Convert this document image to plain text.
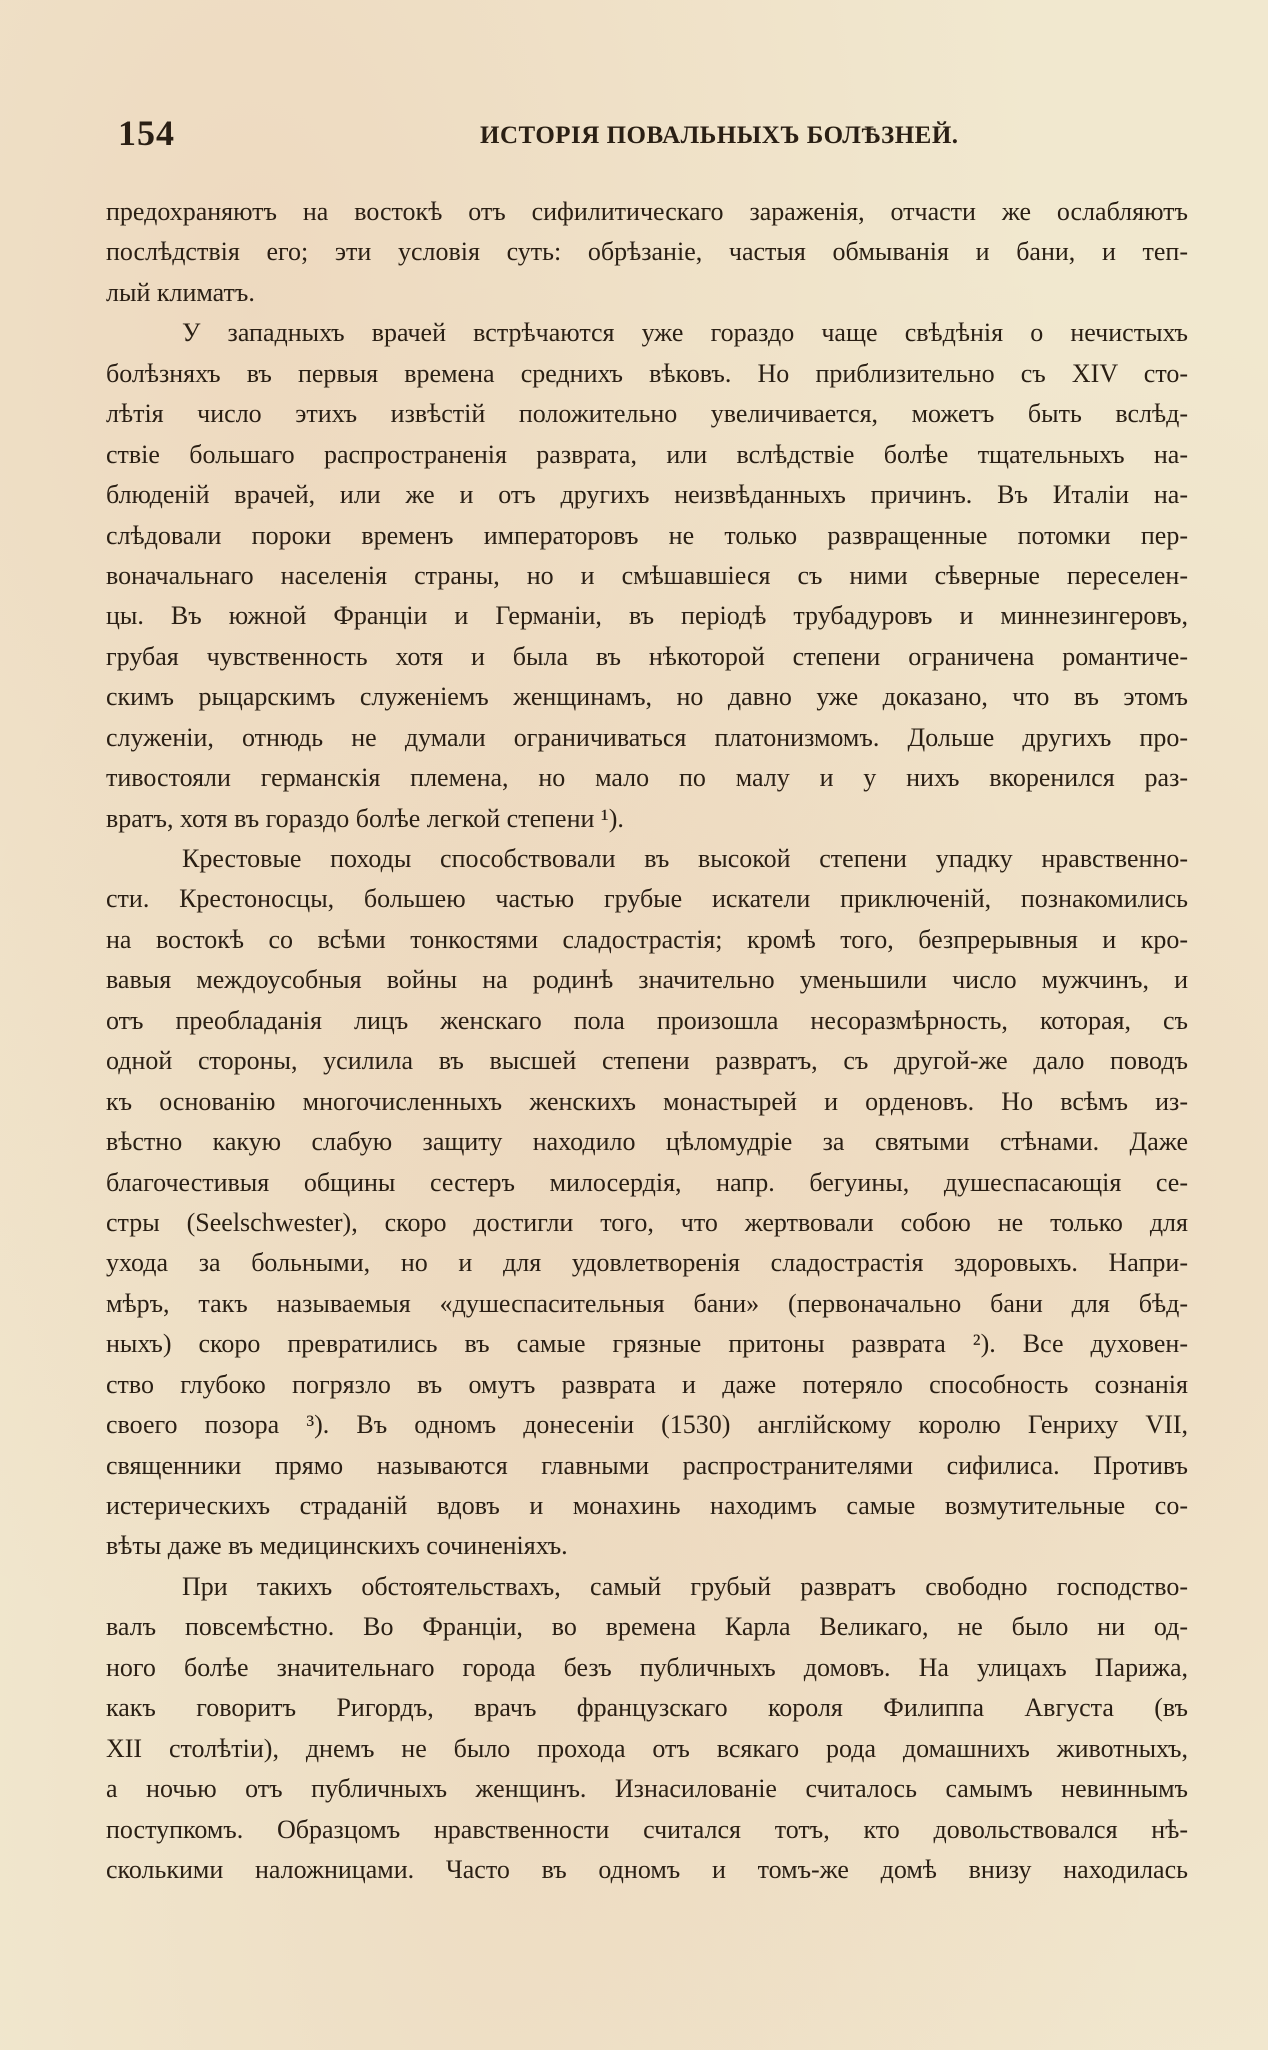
154	ИСТОРІЯ ПОВАЛЬНЫХЪ БОЛѢЗНЕЙ.
предохраняютъ на востокѣ отъ сифилитическаго зараженія, отчасти же ослабляютъ
послѣдствія его; эти условія суть: обрѣзаніе, частыя обмыванія и бани, и теп-
лый климатъ.
У западныхъ врачей встрѣчаются уже гораздо чаще свѣдѣнія о нечистыхъ
болѣзняхъ въ первыя времена среднихъ вѣковъ. Но приблизительно съ XIV сто-
лѣтія число этихъ извѣстій положительно увеличивается, можетъ быть вслѣд-
ствіе большаго распространенія разврата, или вслѣдствіе болѣе тщательныхъ на-
блюденій врачей, или же и отъ другихъ неизвѣданныхъ причинъ. Въ Италіи на-
слѣдовали пороки временъ императоровъ не только развращенные потомки пер-
воначальнаго населенія страны, но и смѣшавшіеся съ ними сѣверные переселен-
цы. Въ южной Франціи и Германіи, въ періодѣ трубадуровъ и миннезингеровъ,
грубая чувственность хотя и была въ нѣкоторой степени ограничена романтиче-
скимъ рыцарскимъ служеніемъ женщинамъ, но давно уже доказано, что въ этомъ
служеніи, отнюдь не думали ограничиваться платонизмомъ. Дольше другихъ про-
тивостояли германскія племена, но мало по малу и у нихъ вкоренился раз-
вратъ, хотя въ гораздо болѣе легкой степени ¹).
Крестовые походы способствовали въ высокой степени упадку нравственно-
сти. Крестоносцы, большею частью грубые искатели приключеній, познакомились
на востокѣ со всѣми тонкостями сладострастія; кромѣ того, безпрерывныя и кро-
вавыя междоусобныя войны на родинѣ значительно уменьшили число мужчинъ, и
отъ преобладанія лицъ женскаго пола произошла несоразмѣрность, которая, съ
одной стороны, усилила въ высшей степени развратъ, съ другой-же дало поводъ
къ основанію многочисленныхъ женскихъ монастырей и орденовъ. Но всѣмъ из-
вѣстно какую слабую защиту находило цѣломудріе за святыми стѣнами. Даже
благочестивыя общины сестеръ милосердія, напр. бегуины, душеспасающія се-
стры (Seelschwester), скоро достигли того, что жертвовали собою не только для
ухода за больными, но и для удовлетворенія сладострастія здоровыхъ. Напри-
мѣръ, такъ называемыя «душеспасительныя бани» (первоначально бани для бѣд-
ныхъ) скоро превратились въ самые грязные притоны разврата ²). Все духовен-
ство глубоко погрязло въ омутъ разврата и даже потеряло способность сознанія
своего позора ³). Въ одномъ донесеніи (1530) англійскому королю Генриху VII,
священники прямо называются главными распространителями сифилиса. Противъ
истерическихъ страданій вдовъ и монахинь находимъ самые возмутительные со-
вѣты даже въ медицинскихъ сочиненіяхъ.
При такихъ обстоятельствахъ, самый грубый развратъ свободно господство-
валъ повсемѣстно. Во Франціи, во времена Карла Великаго, не было ни од-
ного болѣе значительнаго города безъ публичныхъ домовъ. На улицахъ Парижа,
какъ говоритъ Ригордъ, врачъ французскаго короля Филиппа Августа (въ
XII столѣтіи), днемъ не было прохода отъ всякаго рода домашнихъ животныхъ,
а ночью отъ публичныхъ женщинъ. Изнасилованіе считалось самымъ невиннымъ
поступкомъ. Образцомъ нравственности считался тотъ, кто довольствовался нѣ-
сколькими наложницами. Часто въ одномъ и томъ-же домѣ внизу находилась
